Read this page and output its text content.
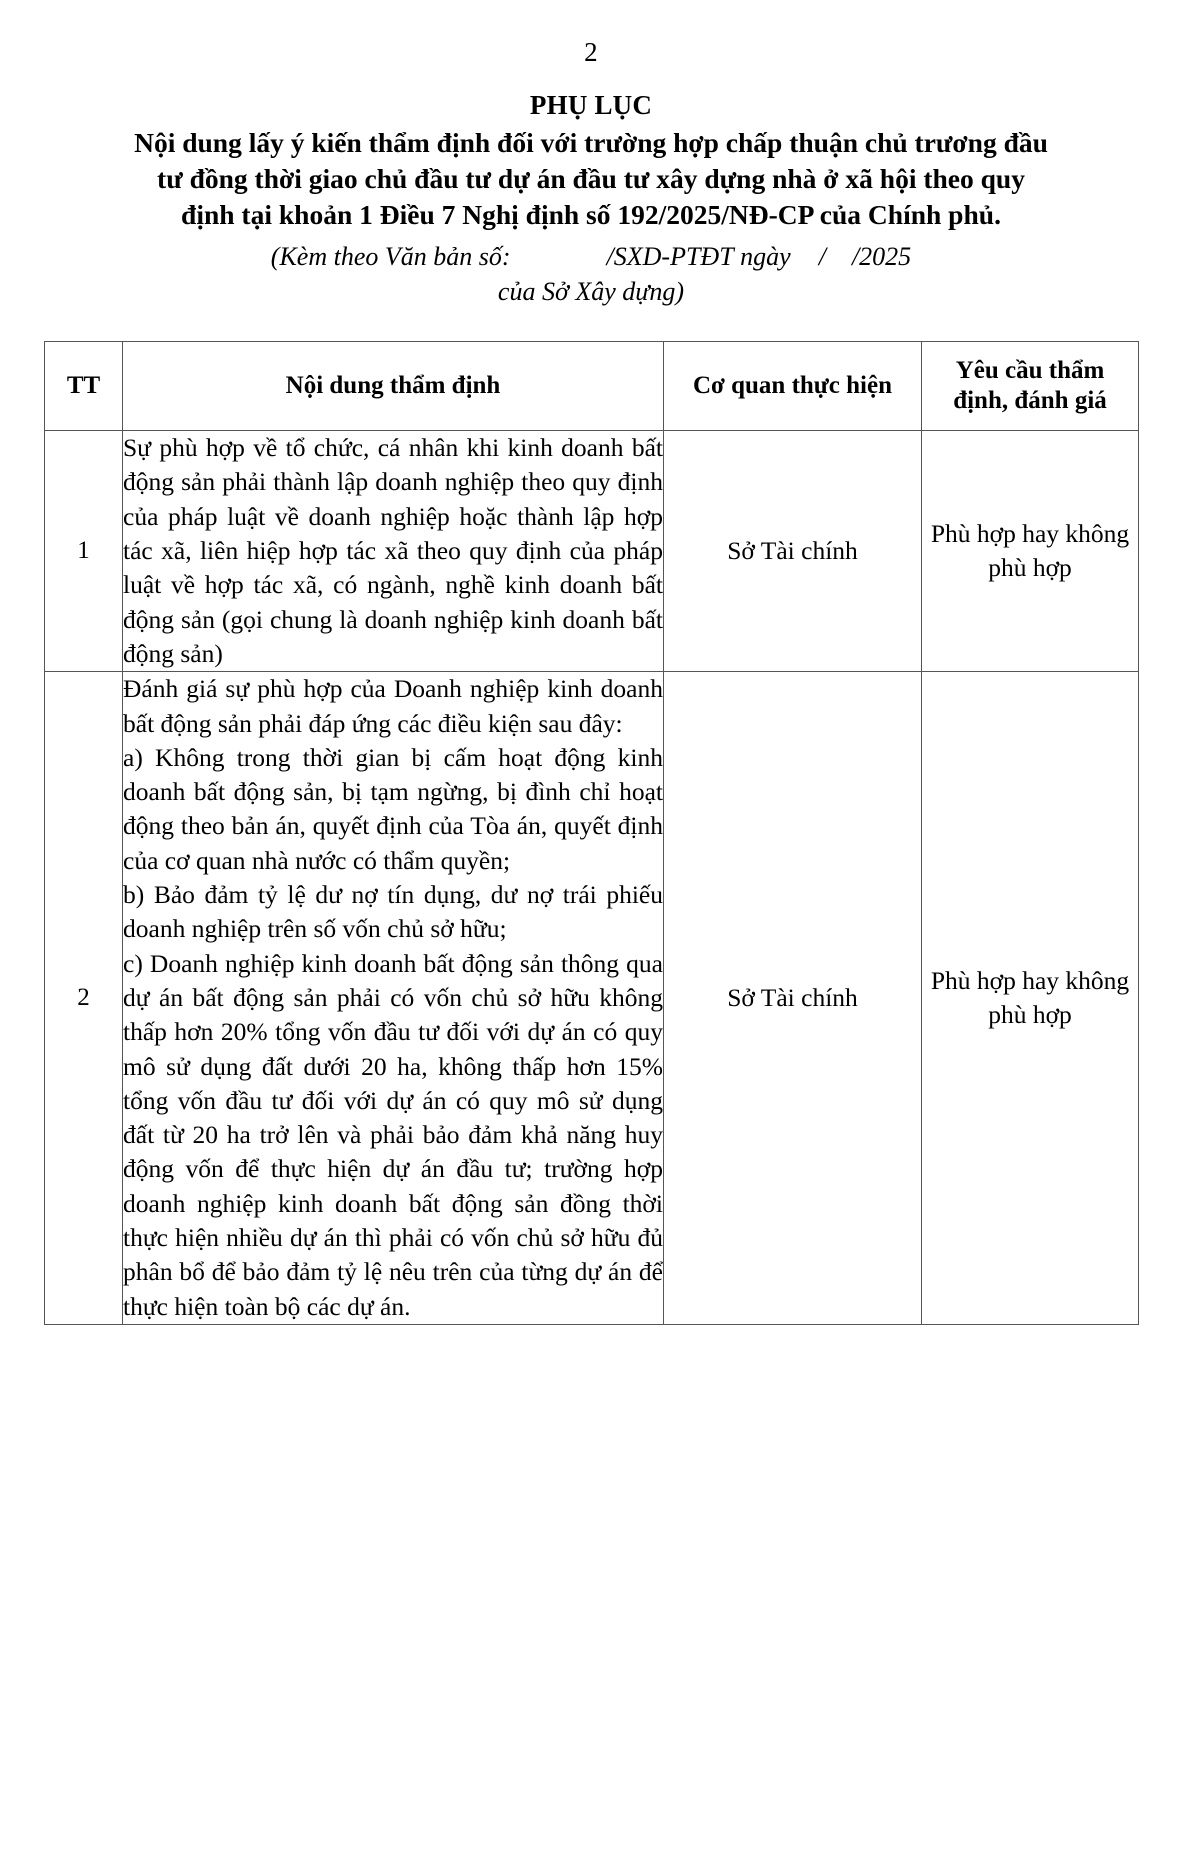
2
PHỤ LỤC
Nội dung lấy ý kiến thẩm định đối với trường hợp chấp thuận chủ trương đầu
tư đồng thời giao chủ đầu tư dự án đầu tư xây dựng nhà ở xã hội theo quy
định tại khoản 1 Điều 7 Nghị định số 192/2025/NĐ-CP của Chính phủ.
(Kèm theo Văn bản số:	/SXD-PTĐT ngày / /2025
của Sở Xây dựng)
TT	Nội dung thẩm định	Cơ quan thực hiện	Yêu cầu thẩm định, đánh giá
1	Sự phù hợp về tổ chức, cá nhân khi kinh doanh bất động sản phải thành lập doanh nghiệp theo quy định của pháp luật về doanh nghiệp hoặc thành lập hợp tác xã, liên hiệp hợp tác xã theo quy định của pháp luật về hợp tác xã, có ngành, nghề kinh doanh bất động sản (gọi chung là doanh nghiệp kinh doanh bất động sản)	Sở Tài chính	Phù hợp hay không phù hợp
2	Đánh giá sự phù hợp của Doanh nghiệp kinh doanh bất động sản phải đáp ứng các điều kiện sau đây:

a) Không trong thời gian bị cấm hoạt động kinh doanh bất động sản, bị tạm ngừng, bị đình chỉ hoạt động theo bản án, quyết định của Tòa án, quyết định của cơ quan nhà nước có thẩm quyền;

b) Bảo đảm tỷ lệ dư nợ tín dụng, dư nợ trái phiếu doanh nghiệp trên số vốn chủ sở hữu;

c) Doanh nghiệp kinh doanh bất động sản thông qua dự án bất động sản phải có vốn chủ sở hữu không thấp hơn 20% tổng vốn đầu tư đối với dự án có quy mô sử dụng đất dưới 20 ha, không thấp hơn 15% tổng vốn đầu tư đối với dự án có quy mô sử dụng đất từ 20 ha trở lên và phải bảo đảm khả năng huy động vốn để thực hiện dự án đầu tư; trường hợp doanh nghiệp kinh doanh bất động sản đồng thời thực hiện nhiều dự án thì phải có vốn chủ sở hữu đủ phân bổ để bảo đảm tỷ lệ nêu trên của từng dự án để thực hiện toàn bộ các dự án.	Sở Tài chính	Phù hợp hay không phù hợp
